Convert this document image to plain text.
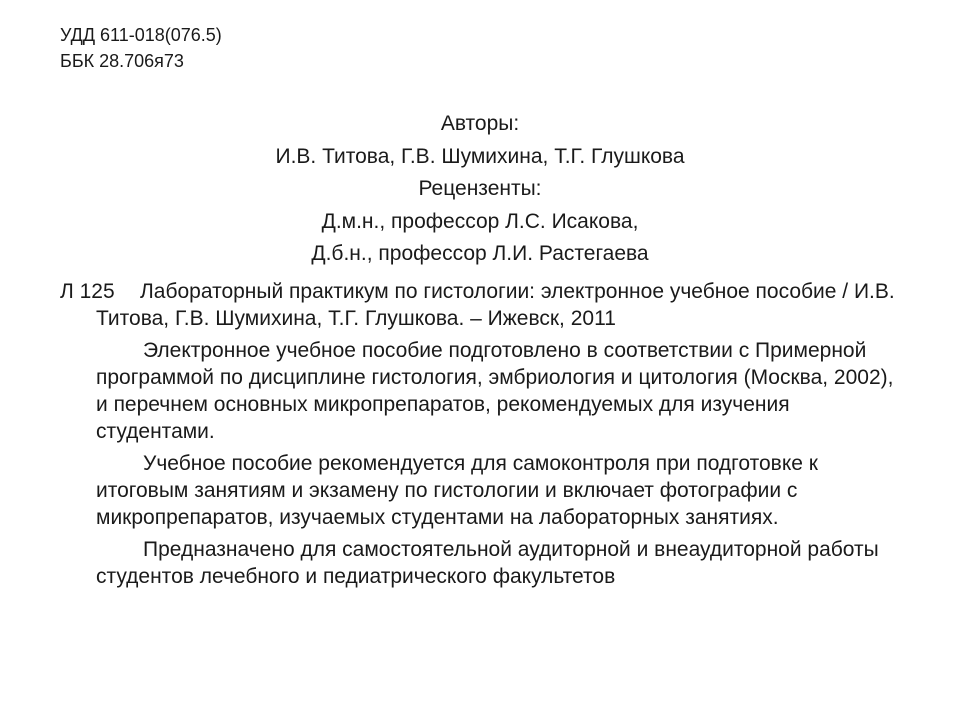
УДД 611-018(076.5)
ББК 28.706я73
Авторы:
И.В. Титова, Г.В. Шумихина, Т.Г. Глушкова
Рецензенты:
Д.м.н., профессор Л.С. Исакова,
Д.б.н., профессор Л.И. Растегаева

Л 125 Лабораторный практикум по гистологии: электронное учебное пособие / И.В. Титова, Г.В. Шумихина, Т.Г. Глушкова. – Ижевск, 2011

Электронное учебное пособие подготовлено в соответствии с Примерной программой по дисциплине гистология, эмбриология и цитология (Москва, 2002), и перечнем основных микропрепаратов, рекомендуемых для изучения студентами.

Учебное пособие рекомендуется для самоконтроля при подготовке к итоговым занятиям и экзамену по гистологии и включает фотографии с микропрепаратов, изучаемых студентами на лабораторных занятиях.

Предназначено для самостоятельной аудиторной и внеаудиторной работы студентов лечебного и педиатрического факультетов
